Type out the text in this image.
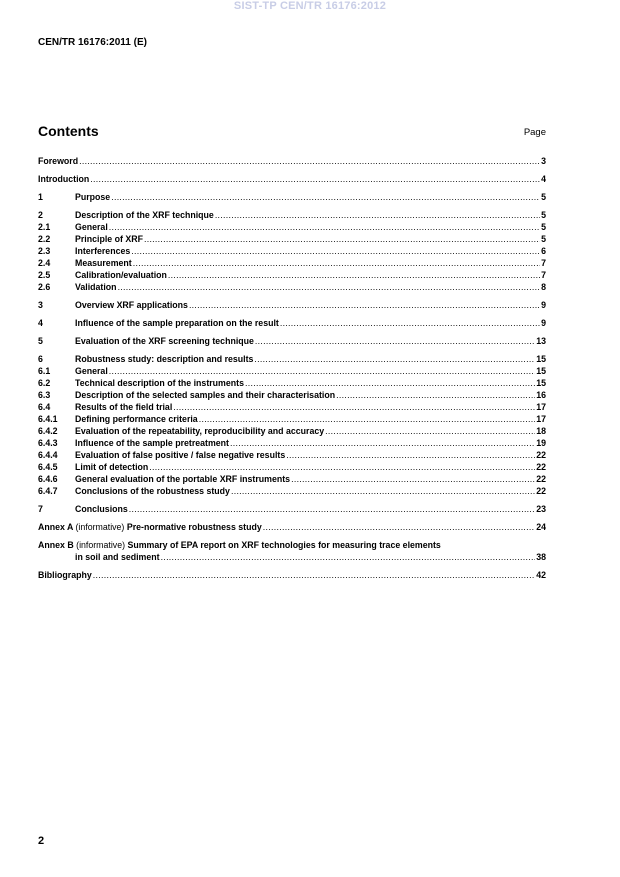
SIST-TP CEN/TR 16176:2012
CEN/TR 16176:2011 (E)
Contents	Page
Foreword .....	3
Introduction .....	4
1	Purpose .....	5
2	Description of the XRF technique .....	5
2.1	General .....	5
2.2	Principle of XRF .....	5
2.3	Interferences .....	6
2.4	Measurement .....	7
2.5	Calibration/evaluation .....	7
2.6	Validation .....	8
3	Overview XRF applications .....	9
4	Influence of the sample preparation on the result .....	9
5	Evaluation of the XRF screening technique .....	13
6	Robustness study: description and results .....	15
6.1	General .....	15
6.2	Technical description of the instruments .....	15
6.3	Description of the selected samples and their characterisation .....	16
6.4	Results of the field trial .....	17
6.4.1	Defining performance criteria .....	17
6.4.2	Evaluation of the repeatability, reproducibility and accuracy .....	18
6.4.3	Influence of the sample pretreatment .....	19
6.4.4	Evaluation of false positive / false negative results .....	22
6.4.5	Limit of detection .....	22
6.4.6	General evaluation of the portable XRF instruments .....	22
6.4.7	Conclusions of the robustness study .....	22
7	Conclusions .....	23
Annex A (informative) Pre-normative robustness study .....	24
Annex B (informative) Summary of EPA report on XRF technologies for measuring trace elements
in soil and sediment .....	38
Bibliography .....	42
2
